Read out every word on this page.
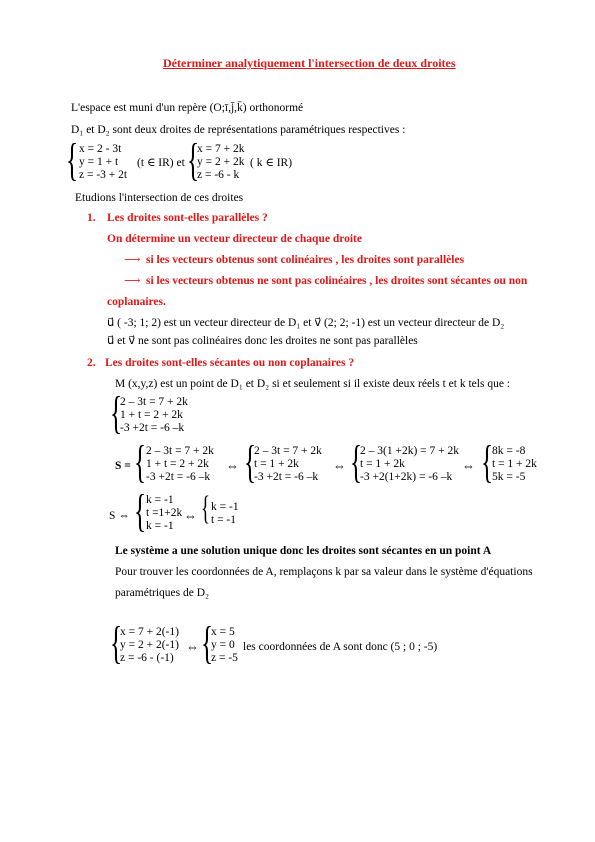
Déterminer analytiquement l'intersection de deux droites
L'espace est muni d'un repère (O;ī,j̄,k̄) orthonormé
D₁ et D₂ sont deux droites de représentations paramétriques respectives :
{ x = 2 - 3t
y = 1 + t
z = -3 + 2t
(t ∈ IR) et {
x = 7 + 2k
y = 2 + 2k
z = -6 - k
( k ∈ IR)
Etudions l'intersection de ces droites
1. Les droites sont-elles parallèles ?
On détermine un vecteur directeur de chaque droite
⟶ si les vecteurs obtenus sont colinéaires , les droites sont parallèles
⟶ si les vecteurs obtenus ne sont pas colinéaires , les droites sont sécantes ou non
coplanaires.
u⃗ ( -3; 1; 2) est un vecteur directeur de D₁ et v⃗ (2; 2; -1) est un vecteur directeur de D₂
u⃗ et v⃗ ne sont pas colinéaires donc les droites ne sont pas parallèles
2. Les droites sont-elles sécantes ou non coplanaires ?
M (x,y,z) est un point de D₁ et D₂ si et seulement si il existe deux réels t et k tels que :
{
2 – 3t = 7 + 2k
1 + t = 2 + 2k
-3 +2t = -6 –k
S = { 2 – 3t = 7 + 2k
1 + t = 2 + 2k
-3 +2t = -6 –k
⇔ {
2 – 3t = 7 + 2k
t = 1 + 2k
-3 +2t = -6 –k
⇔ {
2 – 3(1 +2k) = 7 + 2k
t = 1 + 2k
-3 +2(1+2k) = -6 –k
⇔ {
8k = -8
t = 1 + 2k
5k = -5
S ⇔ { k = -1
t =1+2k
k = -1
⇔ { k = -1
t = -1
Le système a une solution unique donc les droites sont sécantes en un point A
Pour trouver les coordonnées de A, remplaçons k par sa valeur dans le système d'équations
paramétriques de D₂
{
x = 7 + 2(-1)
y = 2 + 2(-1)
z = -6 - (-1)
⇔ {
x = 5
y = 0
z = -5
les coordonnées de A sont donc (5 ; 0 ; -5)
